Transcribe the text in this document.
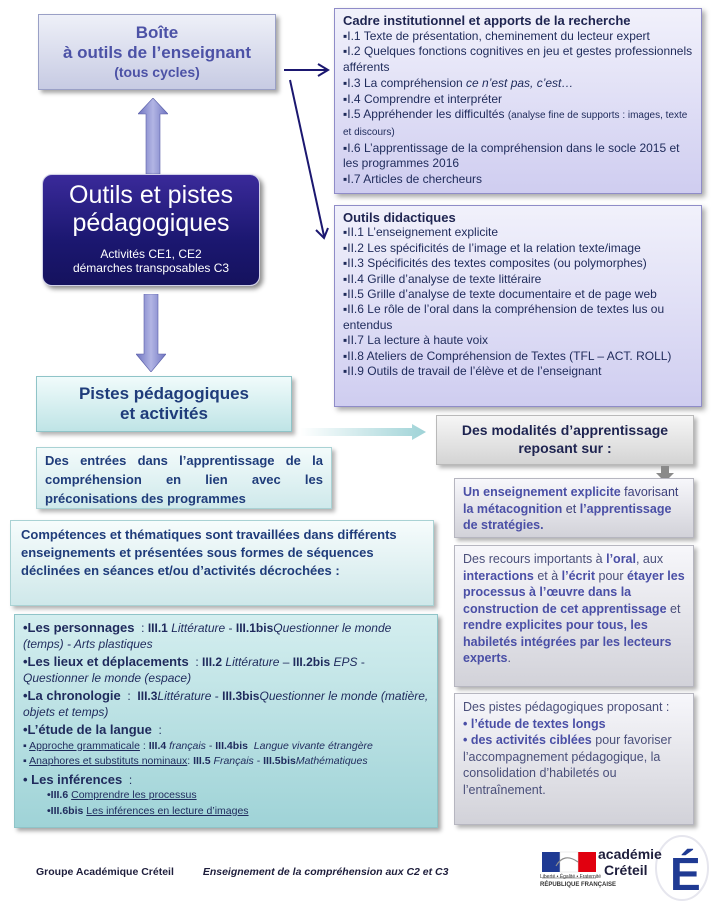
Boîte
à outils de l’enseignant
(tous cycles)
Outils et pistes
pédagogiques
Activités CE1, CE2
démarches transposables C3
Cadre institutionnel et apports de la recherche
▪I.1 Texte de présentation, cheminement du lecteur expert
▪I.2 Quelques fonctions cognitives en jeu et gestes professionnels afférents
▪I.3 La compréhension ce n’est pas, c’est…
▪I.4 Comprendre et interpréter
▪I.5 Appréhender les difficultés (analyse fine de supports : images, texte et discours)
▪I.6 L’apprentissage de la compréhension dans le socle 2015 et les programmes 2016
▪I.7 Articles de chercheurs
Outils didactiques
▪II.1 L’enseignement explicite
▪II.2 Les spécificités de l’image et la relation texte/image
▪II.3 Spécificités des textes composites (ou polymorphes)
▪II.4 Grille d’analyse de texte littéraire
▪II.5 Grille d’analyse de texte documentaire et de page web
▪II.6 Le rôle de l’oral dans la compréhension de textes lus ou entendus
▪II.7 La lecture à haute voix
▪II.8 Ateliers de Compréhension de Textes (TFL – ACT. ROLL)
▪II.9 Outils de travail de l’élève et de l’enseignant
Pistes pédagogiques
et activités
Des modalités d’apprentissage
reposant sur :
Des entrées dans l’apprentissage de la compréhension en lien avec les préconisations des programmes
Compétences et thématiques sont travaillées dans différents enseignements et présentées sous formes de séquences déclinées en séances et/ou d’activités décrochées :
•Les personnages  : III.1 Littérature - III.1bisQuestionner le monde (temps) - Arts plastiques
•Les lieux et déplacements  : III.2 Littérature – III.2bis EPS - Questionner le monde (espace)
•La chronologie  :  III.3Littérature - III.3bisQuestionner le monde (matière, objets et temps)
•L’étude de la langue  :
▪ Approche grammaticale : III.4 français - III.4bis Langue vivante étrangère
▪ Anaphores et substituts nominaux: III.5 Français - III.5bisMathématiques
• Les inférences  :
•III.6 Comprendre les processus
•III.6bis Les inférences en lecture d’images
Un enseignement explicite favorisant la métacognition et l’apprentissage de stratégies.
Des recours importants à l’oral, aux interactions et à l’écrit pour étayer les processus à l’œuvre dans la construction de cet apprentissage et rendre explicites pour tous, les habiletés intégrées par les lecteurs experts.
Des pistes pédagogiques proposant :
• l’étude de textes longs
• des activités ciblées pour favoriser l’accompagnement pédagogique, la consolidation d’habiletés ou l’entraînement.
Groupe Académique Créteil	Enseignement de la compréhension aux C2 et C3	É
académie
Créteil
Liberté • Égalité • Fraternité
RÉPUBLIQUE FRANÇAISE
